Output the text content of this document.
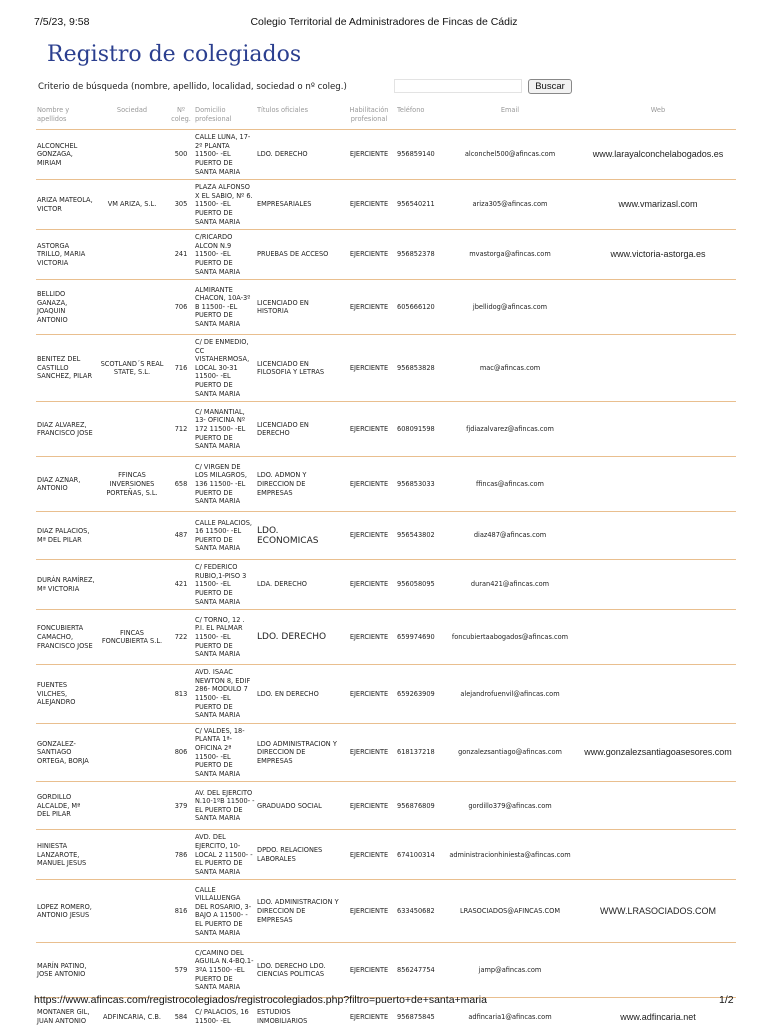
7/5/23, 9:58	Colegio Territorial de Administradores de Fincas de Cádiz
Registro de colegiados
Criterio de búsqueda (nombre, apellido, localidad, sociedad o nº coleg.)	Buscar
Nombre y apellidos	Sociedad	Nº coleg.	Domicilio profesional	Títulos oficiales	Habilitación profesional	Teléfono	Email	Web
ALCONCHEL GONZAGA, MIRIAM		500	CALLE LUNA, 17-2º PLANTA 11500- -EL PUERTO DE SANTA MARIA	LDO. DERECHO	EJERCIENTE	956859140	alconchel500@afincas.com	www.larayalconchelabogados.es
ARIZA MATEOLA, VICTOR	VM ARIZA, S.L.	305	PLAZA ALFONSO X EL SABIO, Nº 6. 11500- -EL PUERTO DE SANTA MARIA	EMPRESARIALES	EJERCIENTE	956540211	ariza305@afincas.com	www.vmarizasl.com
ASTORGA TRILLO, MARIA VICTORIA		241	C/RICARDO ALCON N.9 11500- -EL PUERTO DE SANTA MARIA	PRUEBAS DE ACCESO	EJERCIENTE	956852378	mvastorga@afincas.com	www.victoria-astorga.es
BELLIDO GANAZA, JOAQUIN ANTONIO		706	ALMIRANTE CHACON, 10A-3º B 11500- -EL PUERTO DE SANTA MARIA	LICENCIADO EN HISTORIA	EJERCIENTE	605666120	jbellidog@afincas.com	
BENITEZ DEL CASTILLO SANCHEZ, PILAR	SCOTLAND´S REAL STATE, S.L.	716	C/ DE ENMEDIO, CC VISTAHERMOSA, LOCAL 30-31 11500- -EL PUERTO DE SANTA MARIA	LICENCIADO EN FILOSOFIA Y LETRAS	EJERCIENTE	956853828	mac@afincas.com	
DIAZ ALVAREZ, FRANCISCO JOSE		712	C/ MANANTIAL, 13- OFICINA Nº 172 11500- -EL PUERTO DE SANTA MARIA	LICENCIADO EN DERECHO	EJERCIENTE	608091598	fjdiazalvarez@afincas.com	
DIAZ AZNAR, ANTONIO	FFINCAS INVERSIONES PORTEÑAS, S.L.	658	C/ VIRGEN DE LOS MILAGROS, 136 11500- -EL PUERTO DE SANTA MARIA	LDO. ADMON Y DIRECCION DE EMPRESAS	EJERCIENTE	956853033	ffincas@afincas.com	
DIAZ PALACIOS, Mª DEL PILAR		487	CALLE PALACIOS, 16 11500- -EL PUERTO DE SANTA MARIA	LDO. ECONOMICAS	EJERCIENTE	956543802	diaz487@afincas.com	
DURÁN RAMÍREZ, Mª VICTORIA		421	C/ FEDERICO RUBIO,1-PISO 3 11500- -EL PUERTO DE SANTA MARIA	LDA. DERECHO	EJERCIENTE	956058095	duran421@afincas.com	
FONCUBIERTA CAMACHO, FRANCISCO JOSE	FINCAS FONCUBIERTA S.L.	722	C/ TORNO, 12 . P.I. EL PALMAR 11500- -EL PUERTO DE SANTA MARIA	LDO. DERECHO	EJERCIENTE	659974690	foncubiertaabogados@afincas.com	
FUENTES VILCHES, ALEJANDRO		813	AVD. ISAAC NEWTON 8, EDIF 286- MODULO 7 11500- -EL PUERTO DE SANTA MARIA	LDO. EN DERECHO	EJERCIENTE	659263909	alejandrofuenvil@afincas.com	
GONZALEZ-SANTIAGO ORTEGA, BORJA		806	C/ VALDES, 18-PLANTA 1ª-OFICINA 2ª 11500- -EL PUERTO DE SANTA MARIA	LDO ADMINISTRACION Y DIRECCION DE EMPRESAS	EJERCIENTE	618137218	gonzalezsantiago@afincas.com	www.gonzalezsantiagoasesores.com
GORDILLO ALCALDE, Mª DEL PILAR		379	AV. DEL EJERCITO N.10-1ºB 11500- -EL PUERTO DE SANTA MARIA	GRADUADO SOCIAL	EJERCIENTE	956876809	gordillo379@afincas.com	
HINIESTA LANZAROTE, MANUEL JESUS		786	AVD. DEL EJERCITO, 10-LOCAL 2 11500- -EL PUERTO DE SANTA MARIA	DPDO. RELACIONES LABORALES	EJERCIENTE	674100314	administracionhiniesta@afincas.com	
LOPEZ ROMERO, ANTONIO JESUS		816	CALLE VILLALUENGA DEL ROSARIO, 3- BAJO A 11500- -EL PUERTO DE SANTA MARIA	LDO. ADMINISTRACION Y DIRECCION DE EMPRESAS	EJERCIENTE	633450682	LRASOCIADOS@AFINCAS.COM	WWW.LRASOCIADOS.COM
MARÍN PATINO, JOSE ANTONIO		579	C/CAMINO DEL AGUILA N.4-BQ.1-3ºA 11500- -EL PUERTO DE SANTA MARIA	LDO. DERECHO LDO. CIENCIAS POLITICAS	EJERCIENTE	856247754	jamp@afincas.com	
MONTANER GIL, JUAN ANTONIO	ADFINCARIA, C.B.	584	C/ PALACIOS, 16 11500- -EL	ESTUDIOS INMOBILIARIOS	EJERCIENTE	956875845	adfincaria1@afincas.com	www.adfincaria.net
https://www.afincas.com/registrocolegiados/registrocolegiados.php?filtro=puerto+de+santa+maria	1/2
